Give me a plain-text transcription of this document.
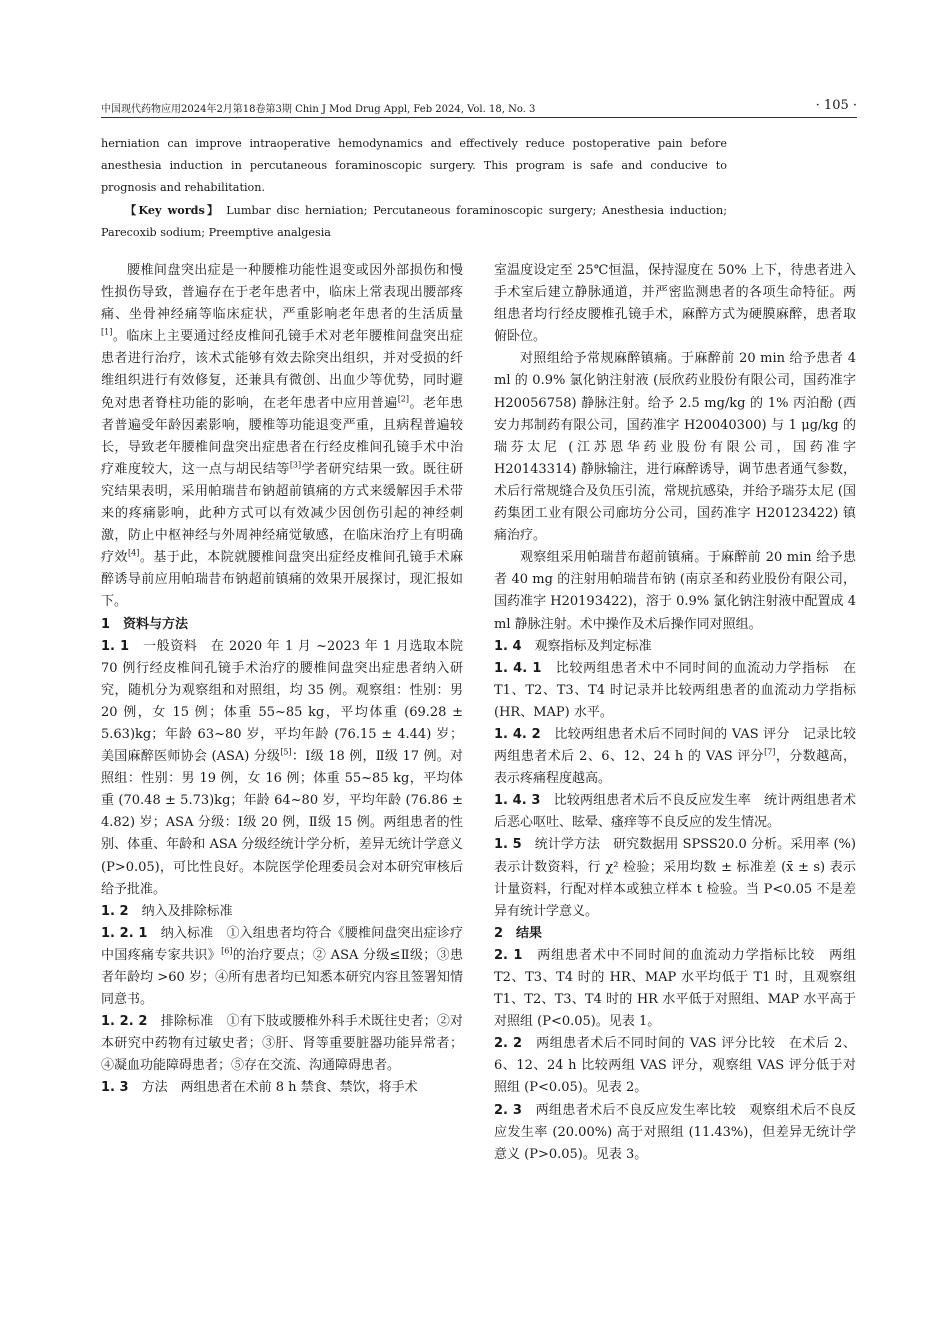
中国现代药物应用2024年2月第18卷第3期 Chin J Mod Drug Appl, Feb 2024, Vol. 18, No. 3	· 105 ·

herniation can improve intraoperative hemodynamics and effectively reduce postoperative pain before anesthesia induction in percutaneous foraminoscopic surgery. This program is safe and conducive to prognosis and rehabilitation.

【Key words】 Lumbar disc herniation; Percutaneous foraminoscopic surgery; Anesthesia induction; Parecoxib sodium; Preemptive analgesia

腰椎间盘突出症是一种腰椎功能性退变或因外部损伤和慢性损伤导致，普遍存在于老年患者中，临床上常表现出腰部疼痛、坐骨神经痛等临床症状，严重影响老年患者的生活质量[1]。临床上主要通过经皮椎间孔镜手术对老年腰椎间盘突出症患者进行治疗，该术式能够有效去除突出组织，并对受损的纤维组织进行有效修复，还兼具有微创、出血少等优势，同时避免对患者脊柱功能的影响，在老年患者中应用普遍[2]。老年患者普遍受年龄因素影响，腰椎等功能退变严重，且病程普遍较长，导致老年腰椎间盘突出症患者在行经皮椎间孔镜手术中治疗难度较大，这一点与胡民结等[3]学者研究结果一致。既往研究结果表明，采用帕瑞昔布钠超前镇痛的方式来缓解因手术带来的疼痛影响，此种方式可以有效减少因创伤引起的神经刺激，防止中枢神经与外周神经痛觉敏感，在临床治疗上有明确疗效[4]。基于此，本院就腰椎间盘突出症经皮椎间孔镜手术麻醉诱导前应用帕瑞昔布钠超前镇痛的效果开展探讨，现汇报如下。

1　资料与方法

1. 1　 一般资料　 在 2020 年 1 月 ~2023 年 1 月选取本院 70 例行经皮椎间孔镜手术治疗的腰椎间盘突出症患者纳入研究，随机分为观察组和对照组，均 35 例。观察组：性别：男 20 例，女 15 例；体重 55~85 kg，平均体重 (69.28 ± 5.63)kg；年龄 63~80 岁，平均年龄 (76.15 ± 4.44) 岁；美国麻醉医师协会 (ASA) 分级[5]：Ⅰ级 18 例，Ⅱ级 17 例。对照组：性别：男 19 例，女 16 例；体重 55~85 kg，平均体重 (70.48 ± 5.73)kg；年龄 64~80 岁，平均年龄 (76.86 ± 4.82) 岁；ASA 分级：Ⅰ级 20 例，Ⅱ级 15 例。两组患者的性别、体重、年龄和 ASA 分级经统计学分析，差异无统计学意义 (P>0.05)，可比性良好。本院医学伦理委员会对本研究审核后给予批准。

1. 2　 纳入及排除标准

1. 2. 1　 纳入标准　 ①入组患者均符合《腰椎间盘突出症诊疗中国疼痛专家共识》[6]的治疗要点；② ASA 分级≤Ⅱ级；③患者年龄均 >60 岁；④所有患者均已知悉本研究内容且签署知情同意书。

1. 2. 2　 排除标准　 ①有下肢或腰椎外科手术既往史者；②对本研究中药物有过敏史者；③肝、肾等重要脏器功能异常者；④凝血功能障碍患者；⑤存在交流、沟通障碍患者。

1. 3　 方法　 两组患者在术前 8 h 禁食、禁饮，将手术

室温度设定至 25℃恒温，保持湿度在 50% 上下，待患者进入手术室后建立静脉通道，并严密监测患者的各项生命特征。两组患者均行经皮腰椎孔镜手术，麻醉方式为硬膜麻醉，患者取俯卧位。

对照组给予常规麻醉镇痛。于麻醉前 20 min 给予患者 4 ml 的 0.9% 氯化钠注射液 (辰欣药业股份有限公司，国药准字 H20056758) 静脉注射。给予 2.5 mg/kg 的 1% 丙泊酚 (西安力邦制药有限公司，国药准字 H20040300) 与 1 μg/kg 的瑞芬太尼 (江苏恩华药业股份有限公司，国药准字 H20143314) 静脉输注，进行麻醉诱导，调节患者通气参数，术后行常规缝合及负压引流，常规抗感染，并给予瑞芬太尼 (国药集团工业有限公司廊坊分公司，国药准字 H20123422) 镇痛治疗。

观察组采用帕瑞昔布超前镇痛。于麻醉前 20 min 给予患者 40 mg 的注射用帕瑞昔布钠 (南京圣和药业股份有限公司，国药准字 H20193422)，溶于 0.9% 氯化钠注射液中配置成 4 ml 静脉注射。术中操作及术后操作同对照组。

1. 4　 观察指标及判定标准

1. 4. 1　 比较两组患者术中不同时间的血流动力学指标　在 T1、T2、T3、T4 时记录并比较两组患者的血流动力学指标 (HR、MAP) 水平。

1. 4. 2　 比较两组患者术后不同时间的 VAS 评分　记录比较两组患者术后 2、6、12、24 h 的 VAS 评分[7]，分数越高，表示疼痛程度越高。

1. 4. 3　 比较两组患者术后不良反应发生率　统计两组患者术后恶心呕吐、眩晕、瘙痒等不良反应的发生情况。

1. 5　 统计学方法　 研究数据用 SPSS20.0 分析。采用率 (%) 表示计数资料，行 χ² 检验；采用均数 ± 标准差 (x̄ ± s) 表示计量资料，行配对样本或独立样本 t 检验。当 P<0.05 不是差异有统计学意义。

2　结果

2. 1　 两组患者术中不同时间的血流动力学指标比较　两组 T2、T3、T4 时的 HR、MAP 水平均低于 T1 时，且观察组 T1、T2、T3、T4 时的 HR 水平低于对照组、MAP 水平高于对照组 (P<0.05)。见表 1。

2. 2　 两组患者术后不同时间的 VAS 评分比较　在术后 2、6、12、24 h 比较两组 VAS 评分，观察组 VAS 评分低于对照组 (P<0.05)。见表 2。

2. 3　 两组患者术后不良反应发生率比较　观察组术后不良反应发生率 (20.00%) 高于对照组 (11.43%)，但差异无统计学意义 (P>0.05)。见表 3。
